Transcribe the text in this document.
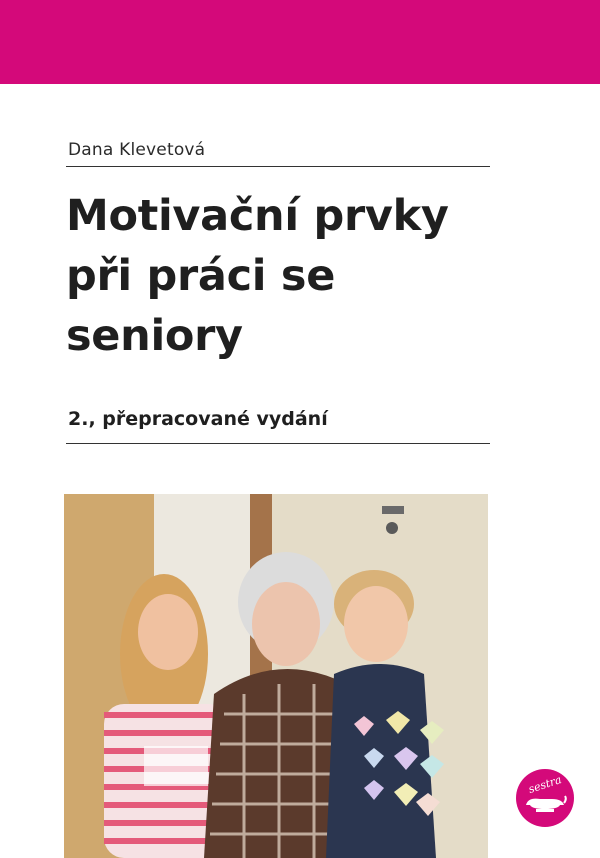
Dana Klevetová
Motivační prvky
při práci se
seniory
2., přepracované vydání
sestra
